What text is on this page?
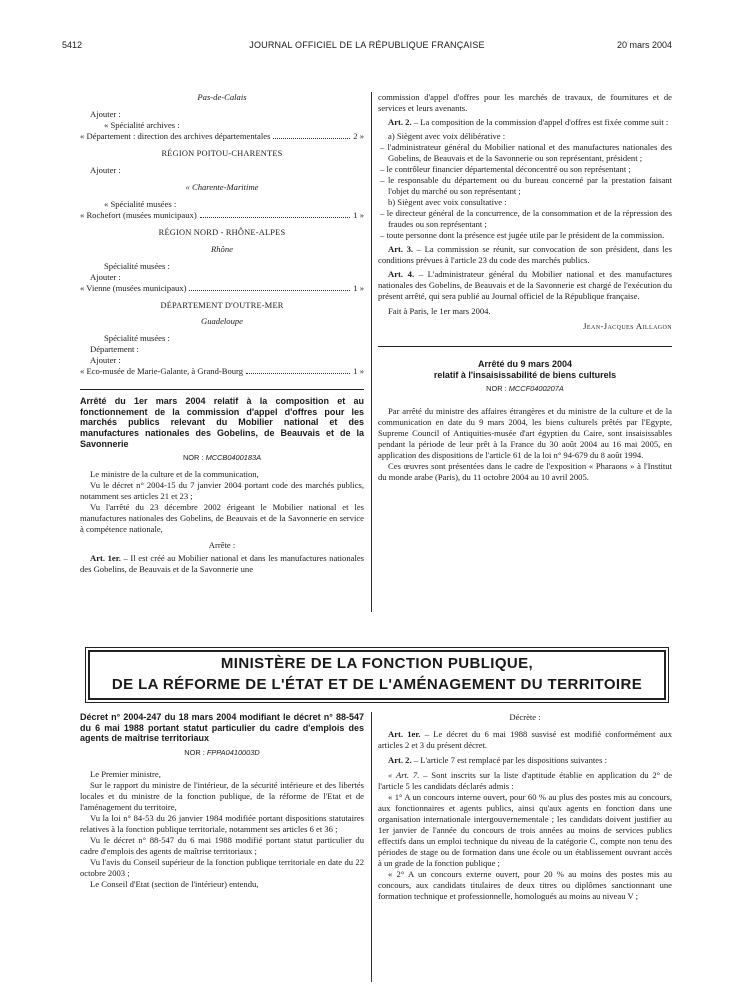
5412	JOURNAL OFFICIEL DE LA RÉPUBLIQUE FRANÇAISE	20 mars 2004

Pas-de-Calais

Ajouter :

« Spécialité archives :

« Département : direction des archives départementales	2 »

RÉGION POITOU-CHARENTES

Ajouter :

« Charente-Maritime

« Spécialité musées :

« Rochefort (musées municipaux)	1 »

RÉGION NORD - RHÔNE-ALPES

Rhône

Spécialité musées :

Ajouter :

« Vienne (musées municipaux)	1 »

DÉPARTEMENT D'OUTRE-MER

Guadeloupe

Spécialité musées :

Département :

Ajouter :

« Eco-musée de Marie-Galante, à Grand-Bourg	1 »

Arrêté du 1er mars 2004 relatif à la composition et au fonctionnement de la commission d'appel d'offres pour les marchés publics relevant du Mobilier national et des manufactures nationales des Gobelins, de Beauvais et de la Savonnerie

NOR : MCCB0400183A

Le ministre de la culture et de la communication,

Vu le décret n° 2004-15 du 7 janvier 2004 portant code des marchés publics, notamment ses articles 21 et 23 ;

Vu l'arrêté du 23 décembre 2002 érigeant le Mobilier national et les manufactures nationales des Gobelins, de Beauvais et de la Savonnerie en service à compétence nationale,

Arrête :

Art. 1er. – Il est créé au Mobilier national et dans les manufactures nationales des Gobelins, de Beauvais et de la Savonnerie une

commission d'appel d'offres pour les marchés de travaux, de fournitures et de services et leurs avenants.

Art. 2. – La composition de la commission d'appel d'offres est fixée comme suit :

a) Siègent avec voix délibérative :

– l'administrateur général du Mobilier national et des manufactures nationales des Gobelins, de Beauvais et de la Savonnerie ou son représentant, président ;

– le contrôleur financier départemental déconcentré ou son représentant ;

– le responsable du département ou du bureau concerné par la prestation faisant l'objet du marché ou son représentant ;

b) Siègent avec voix consultative :

– le directeur général de la concurrence, de la consommation et de la répression des fraudes ou son représentant ;

– toute personne dont la présence est jugée utile par le président de la commission.

Art. 3. – La commission se réunit, sur convocation de son président, dans les conditions prévues à l'article 23 du code des marchés publics.

Art. 4. – L'administrateur général du Mobilier national et des manufactures nationales des Gobelins, de Beauvais et de la Savonnerie est chargé de l'exécution du présent arrêté, qui sera publié au Journal officiel de la République française.

Fait à Paris, le 1er mars 2004.

Jean-Jacques Aillagon

Arrêté du 9 mars 2004

relatif à l'insaisissabilité de biens culturels

NOR : MCCF0400207A

Par arrêté du ministre des affaires étrangères et du ministre de la culture et de la communication en date du 9 mars 2004, les biens culturels prêtés par l'Egypte, Supreme Council of Antiquities-musée d'art égyptien du Caire, sont insaisissables pendant la période de leur prêt à la France du 30 août 2004 au 16 mai 2005, en application des dispositions de l'article 61 de la loi n° 94-679 du 8 août 1994.

Ces œuvres sont présentées dans le cadre de l'exposition « Pharaons » à l'Institut du monde arabe (Paris), du 11 octobre 2004 au 10 avril 2005.

MINISTÈRE DE LA FONCTION PUBLIQUE,
DE LA RÉFORME DE L'ÉTAT ET DE L'AMÉNAGEMENT DU TERRITOIRE

Décret n° 2004-247 du 18 mars 2004 modifiant le décret n° 88-547 du 6 mai 1988 portant statut particulier du cadre d'emplois des agents de maîtrise territoriaux

NOR : FPPA0410003D

Le Premier ministre,

Sur le rapport du ministre de l'intérieur, de la sécurité intérieure et des libertés locales et du ministre de la fonction publique, de la réforme de l'Etat et de l'aménagement du territoire,

Vu la loi n° 84-53 du 26 janvier 1984 modifiée portant dispositions statutaires relatives à la fonction publique territoriale, notamment ses articles 6 et 36 ;

Vu le décret n° 88-547 du 6 mai 1988 modifié portant statut particulier du cadre d'emplois des agents de maîtrise territoriaux ;

Vu l'avis du Conseil supérieur de la fonction publique territoriale en date du 22 octobre 2003 ;

Le Conseil d'Etat (section de l'intérieur) entendu,

Décrète :

Art. 1er. – Le décret du 6 mai 1988 susvisé est modifié conformément aux articles 2 et 3 du présent décret.

Art. 2. – L'article 7 est remplacé par les dispositions suivantes :

« Art. 7. – Sont inscrits sur la liste d'aptitude établie en application du 2° de l'article 5 les candidats déclarés admis :

« 1° A un concours interne ouvert, pour 60 % au plus des postes mis au concours, aux fonctionnaires et agents publics, ainsi qu'aux agents en fonction dans une organisation internationale intergouvernementale ; les candidats doivent justifier au 1er janvier de l'année du concours de trois années au moins de services publics effectifs dans un emploi technique du niveau de la catégorie C, compte non tenu des périodes de stage ou de formation dans une école ou un établissement ouvrant accès à un grade de la fonction publique ;

« 2° A un concours externe ouvert, pour 20 % au moins des postes mis au concours, aux candidats titulaires de deux titres ou diplômes sanctionnant une formation technique et professionnelle, homologués au moins au niveau V ;
